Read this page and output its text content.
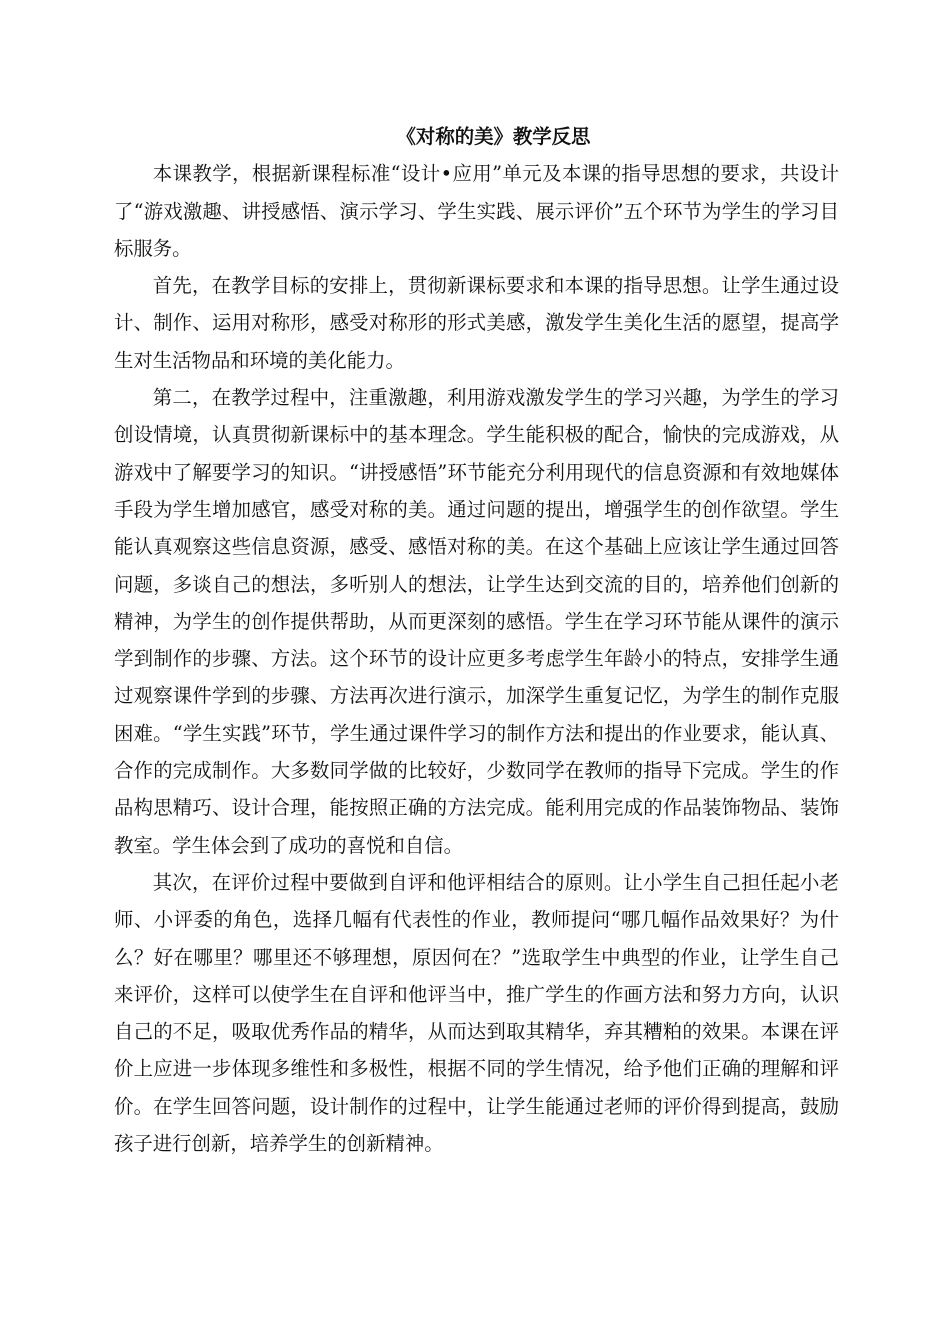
《对称的美》教学反思

本课教学，根据新课程标准“设计•应用”单元及本课的指导思想的要求，共设计了“游戏激趣、讲授感悟、演示学习、学生实践、展示评价”五个环节为学生的学习目标服务。

首先，在教学目标的安排上，贯彻新课标要求和本课的指导思想。让学生通过设计、制作、运用对称形，感受对称形的形式美感，激发学生美化生活的愿望，提高学生对生活物品和环境的美化能力。

第二，在教学过程中，注重激趣，利用游戏激发学生的学习兴趣，为学生的学习创设情境，认真贯彻新课标中的基本理念。学生能积极的配合，愉快的完成游戏，从游戏中了解要学习的知识。“讲授感悟”环节能充分利用现代的信息资源和有效地媒体手段为学生增加感官，感受对称的美。通过问题的提出，增强学生的创作欲望。学生能认真观察这些信息资源，感受、感悟对称的美。在这个基础上应该让学生通过回答问题，多谈自己的想法，多听别人的想法，让学生达到交流的目的，培养他们创新的精神，为学生的创作提供帮助，从而更深刻的感悟。学生在学习环节能从课件的演示学到制作的步骤、方法。这个环节的设计应更多考虑学生年龄小的特点，安排学生通过观察课件学到的步骤、方法再次进行演示，加深学生重复记忆，为学生的制作克服困难。“学生实践”环节，学生通过课件学习的制作方法和提出的作业要求，能认真、合作的完成制作。大多数同学做的比较好，少数同学在教师的指导下完成。学生的作品构思精巧、设计合理，能按照正确的方法完成。能利用完成的作品装饰物品、装饰教室。学生体会到了成功的喜悦和自信。

其次，在评价过程中要做到自评和他评相结合的原则。让小学生自己担任起小老师、小评委的角色，选择几幅有代表性的作业，教师提问“哪几幅作品效果好？为什么？好在哪里？哪里还不够理想，原因何在？”选取学生中典型的作业，让学生自己来评价，这样可以使学生在自评和他评当中，推广学生的作画方法和努力方向，认识自己的不足，吸取优秀作品的精华，从而达到取其精华，弃其糟粕的效果。本课在评价上应进一步体现多维性和多极性，根据不同的学生情况，给予他们正确的理解和评价。在学生回答问题，设计制作的过程中，让学生能通过老师的评价得到提高，鼓励孩子进行创新，培养学生的创新精神。
